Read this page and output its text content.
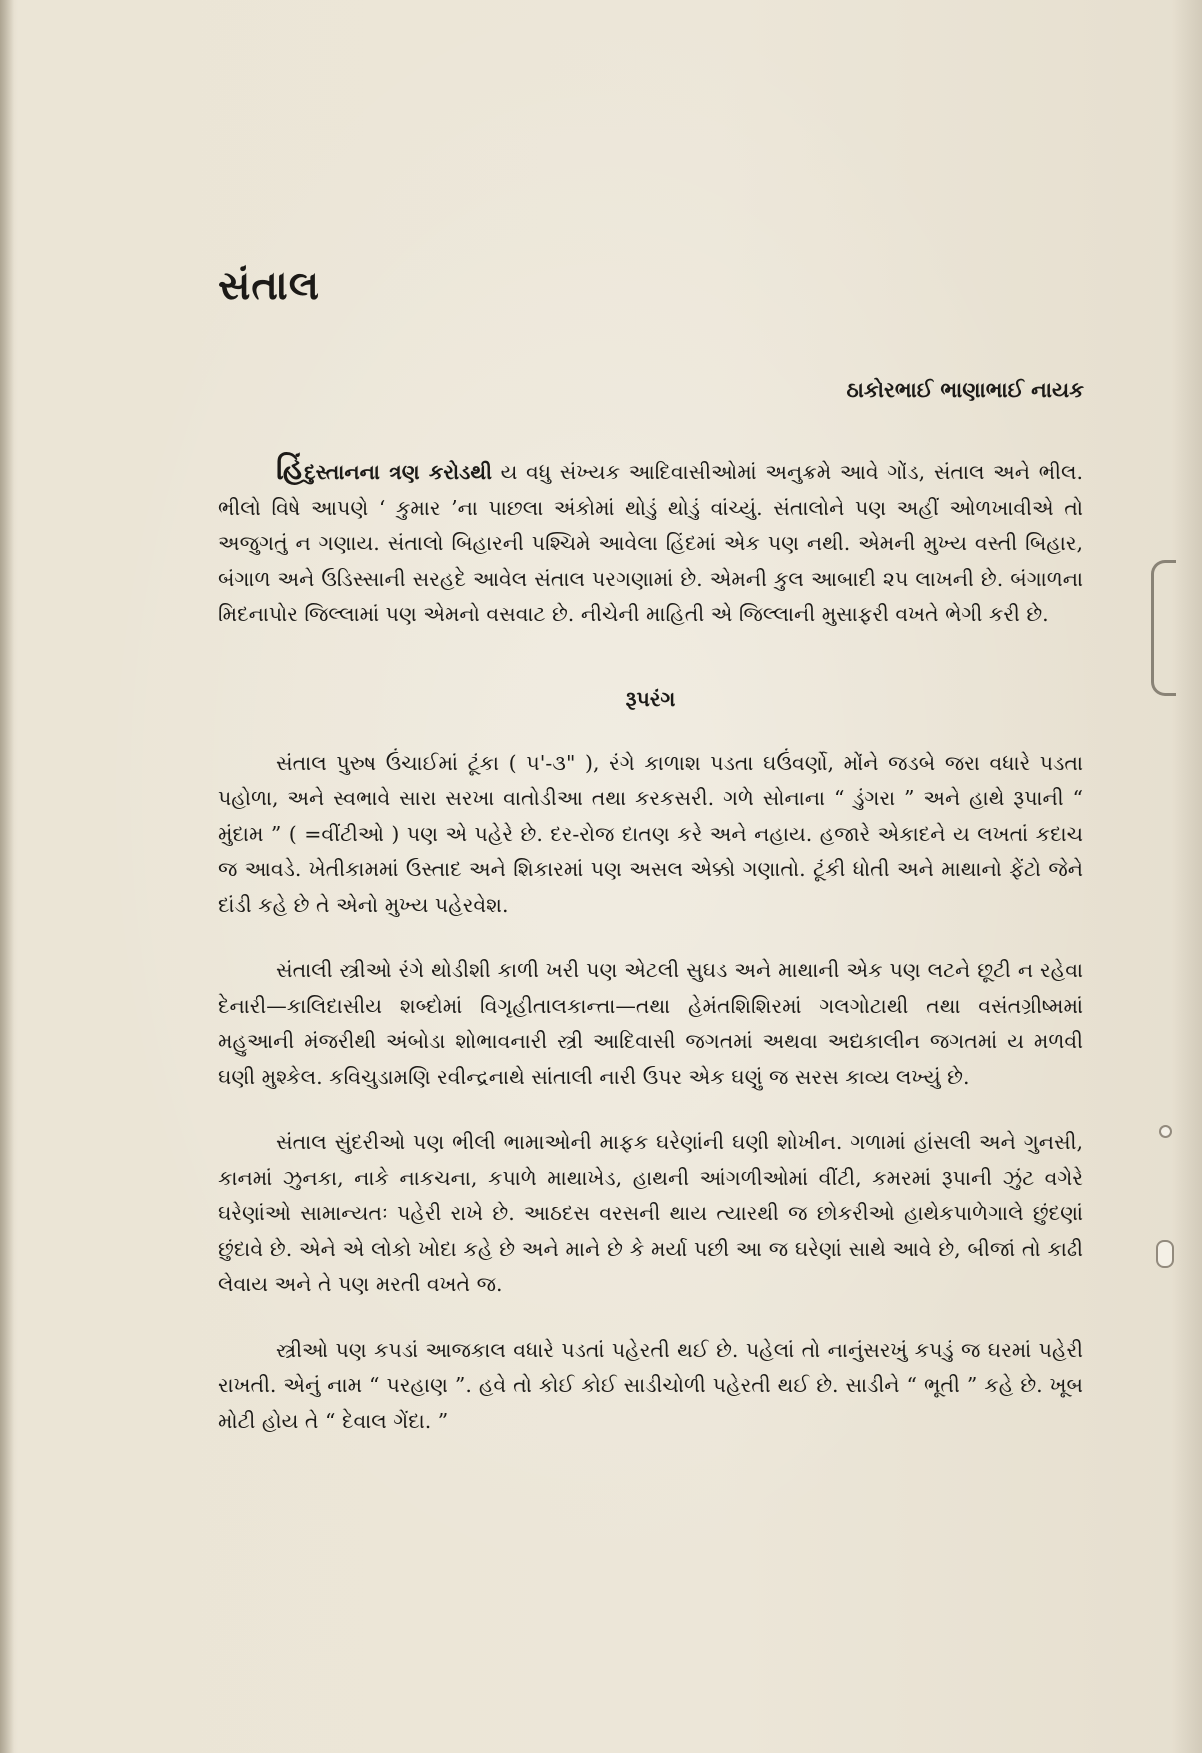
સંતાલ

ઠાકોરભાઈ ભાણાભાઈ નાયક

હિંદુસ્તાનના ત્રણ કરોડથી ય વધુ સંખ્યક આદિવાસીઓમાં અનુક્રમે આવે ગોંડ, સંતાલ અને ભીલ. ભીલો વિષે આપણે ‘ કુમાર ’ના પાછલા અંકોમાં થોડું થોડું વાંચ્યું. સંતાલોને પણ અહીં ઓળખાવીએ તો અજુગતું ન ગણાય. સંતાલો બિહારની પશ્ચિમે આવેલા હિંદમાં એક પણ નથી. એમની મુખ્ય વસ્તી બિહાર, બંગાળ અને ઉડિસ્સાની સરહદે આવેલ સંતાલ પરગણામાં છે. એમની કુલ આબાદી ૨૫ લાખની છે. બંગાળના મિદનાપોર જિલ્લામાં પણ એમનો વસવાટ છે. નીચેની માહિતી એ જિલ્લાની મુસાફરી વખતે ભેગી કરી છે.

રૂપરંગ

સંતાલ પુરુષ ઉંચાઈમાં ટૂંકા ( ૫'-૩" ), રંગે કાળાશ પડતા ઘઉંવર્ણો, મોંને જડબે જરા વધારે પડતા પહોળા, અને સ્વભાવે સારા સરખા વાતોડીઆ તથા કરકસરી. ગળે સોનાના “ ડુંગરા ” અને હાથે રૂપાની “ મુંદામ ” ( =વીંટીઓ ) પણ એ પહેરે છે. દર-રોજ દાતણ કરે અને નહાય. હજારે એકાદને ય લખતાં કદાચ જ આવડે. ખેતીકામમાં ઉસ્તાદ અને શિકારમાં પણ અસલ એક્કો ગણાતો. ટૂંકી ધોતી અને માથાનો ફેંટો જેને દાંડી કહે છે તે એનો મુખ્ય પહેરવેશ.

સંતાલી સ્ત્રીઓ રંગે થોડીશી કાળી ખરી પણ એટલી સુઘડ અને માથાની એક પણ લટને છૂટી ન રહેવા દેનારી—કાલિદાસીય શબ્દોમાં વિગૃહીતાલકાન્તા—તથા હેમંતશિશિરમાં ગલગોટાથી તથા વસંતગ્રીષ્મમાં મહુઆની મંજરીથી અંબોડા શોભાવનારી સ્ત્રી આદિવાસી જગતમાં અથવા અદ્યકાલીન જગતમાં ય મળવી ઘણી મુશ્કેલ. કવિચુડામણિ રવીન્દ્રનાથે સાંતાલી નારી ઉપર એક ઘણું જ સરસ કાવ્ય લખ્યું છે.

સંતાલ સુંદરીઓ પણ ભીલી ભામાઓની માફક ઘરેણાંની ઘણી શોખીન. ગળામાં હાંસલી અને ગુનસી, કાનમાં ઝુનકા, નાકે નાકચના, કપાળે માથાખેડ, હાથની આંગળીઓમાં વીંટી, કમરમાં રૂપાની ઝુંટ વગેરે ઘરેણાંઓ સામાન્યતઃ પહેરી રાખે છે. આઠદસ વરસની થાય ત્યારથી જ છોકરીઓ હાથેકપાળેગાલે છુંદણાં છુંદાવે છે. એને એ લોકો ખોદા કહે છે અને માને છે કે મર્યા પછી આ જ ઘરેણાં સાથે આવે છે, બીજાં તો કાઢી લેવાય અને તે પણ મરતી વખતે જ.

સ્ત્રીઓ પણ કપડાં આજકાલ વધારે પડતાં પહેરતી થઈ છે. પહેલાં તો નાનુંસરખું કપડું જ ઘરમાં પહેરી રાખતી. એનું નામ “ પરહાણ ”. હવે તો કોઈ કોઈ સાડીચોળી પહેરતી થઈ છે. સાડીને “ ભૂતી ” કહે છે. ખૂબ મોટી હોય તે “ દેવાલ ગેંદા. ”
